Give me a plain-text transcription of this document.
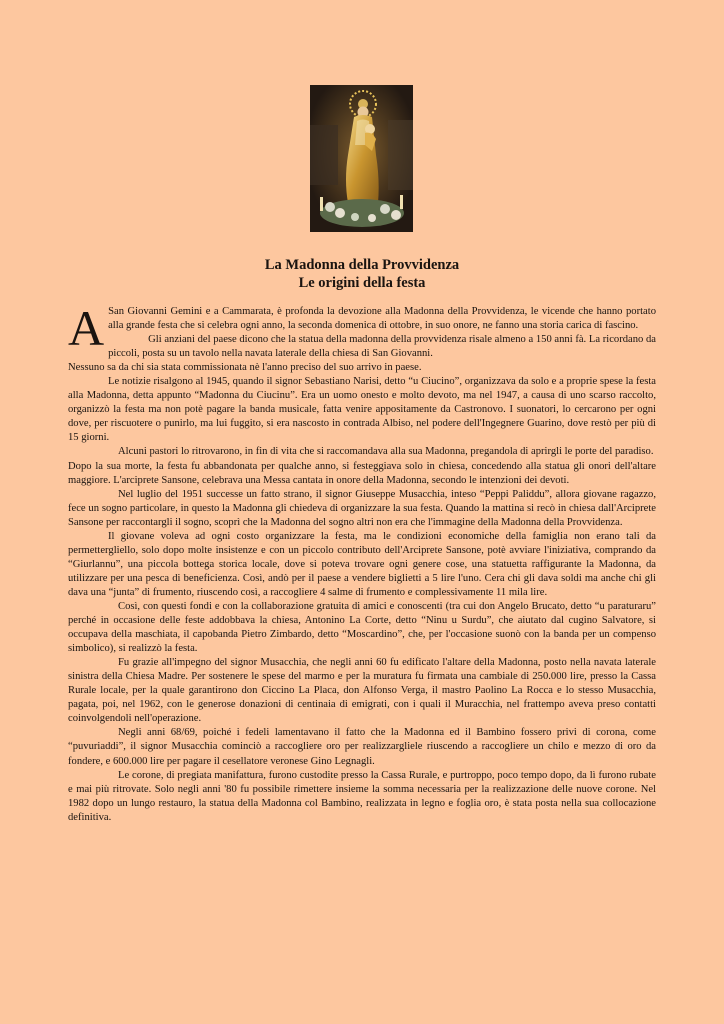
La Madonna della Provvidenza
Le origini della festa

A San Giovanni Gemini e a Cammarata, è profonda la devozione alla Madonna della Provvidenza, le vicende che hanno portato alla grande festa che si celebra ogni anno, la seconda domenica di ottobre, in suo onore, ne fanno una storia carica di fascino.

Gli anziani del paese dicono che la statua della madonna della provvidenza risale almeno a 150 anni fà. La ricordano da piccoli, posta su un tavolo nella navata laterale della chiesa di San Giovanni.

Nessuno sa da chi sia stata commissionata nè l'anno preciso del suo arrivo in paese.

Le notizie risalgono al 1945, quando il signor Sebastiano Narisi, detto “u Ciucino”, organizzava da solo e a proprie spese la festa alla Madonna, detta appunto “Madonna du Ciucinu”. Era un uomo onesto e molto devoto, ma nel 1947, a causa di uno scarso raccolto, organizzò la festa ma non potè pagare la banda musicale, fatta venire appositamente da Castronovo. I suonatori, lo cercarono per ogni dove, per riscuotere o punirlo, ma lui fuggito, si era nascosto in contrada Albiso, nel podere dell'Ingegnere Guarino, dove restò per più di 15 giorni.

Alcuni pastori lo ritrovarono, in fin di vita che si raccomandava alla sua Madonna, pregandola di aprirgli le porte del paradiso.

Dopo la sua morte, la festa fu abbandonata per qualche anno, si festeggiava solo in chiesa, concedendo alla statua gli onori dell'altare maggiore. L'arciprete Sansone, celebrava una Messa cantata in onore della Madonna, secondo le intenzioni dei devoti.

Nel luglio del 1951 successe un fatto strano, il signor Giuseppe Musacchia, inteso “Peppi Paliddu”, allora giovane ragazzo, fece un sogno particolare, in questo la Madonna gli chiedeva di organizzare la sua festa. Quando la mattina si recò in chiesa dall'Arciprete Sansone per raccontargli il sogno, scoprì che la Madonna del sogno altri non era che l'immagine della Madonna della Provvidenza.

Il giovane voleva ad ogni costo organizzare la festa, ma le condizioni economiche della famiglia non erano tali da permettergliello, solo dopo molte insistenze e con un piccolo contributo dell'Arciprete Sansone, potè avviare l'iniziativa, comprando da “Giurlannu”, una piccola bottega storica locale, dove si poteva trovare ogni genere cose, una statuetta raffigurante la Madonna, da utilizzare per una pesca di beneficienza. Così, andò per il paese a vendere biglietti a 5 lire l'uno. Cera chi gli dava soldi ma anche chi gli dava una “junta” di frumento, riuscendo così, a raccogliere 4 salme di frumento e complessivamente 11 mila lire.

Così, con questi fondi e con la collaborazione gratuita di amici e conoscenti (tra cui don Angelo Brucato, detto “u paraturaru” perché in occasione delle feste addobbava la chiesa, Antonino La Corte, detto “Ninu u Surdu”, che aiutato dal cugino Salvatore, si occupava della maschiata, il capobanda Pietro Zimbardo, detto “Moscardino”, che, per l'occasione suonò con la banda per un compenso simbolico), si realizzò la festa.

Fu grazie all'impegno del signor Musacchia, che negli anni 60 fu edificato l'altare della Madonna, posto nella navata laterale sinistra della Chiesa Madre. Per sostenere le spese del marmo e per la muratura fu firmata una cambiale di 250.000 lire, presso la Cassa Rurale locale, per la quale garantirono don Ciccino La Placa, don Alfonso Verga, il mastro Paolino La Rocca e lo stesso Musacchia, pagata, poi, nel 1962, con le generose donazioni di centinaia di emigrati, con i quali il Muracchia, nel frattempo aveva preso contatti coinvolgendoli nell'operazione.

Negli anni 68/69, poiché i fedeli lamentavano il fatto che la Madonna ed il Bambino fossero privi di corona, come “puvuriaddi”, il signor Musacchia cominciò a raccogliere oro per realizzargliele riuscendo a raccogliere un chilo e mezzo di oro da fondere, e 600.000 lire per pagare il cesellatore veronese Gino Legnagli.

Le corone, di pregiata manifattura, furono custodite presso la Cassa Rurale, e purtroppo, poco tempo dopo, da lì furono rubate e mai più ritrovate. Solo negli anni '80 fu possibile rimettere insieme la somma necessaria per la realizzazione delle nuove corone. Nel 1982 dopo un lungo restauro, la statua della Madonna col Bambino, realizzata in legno e foglia oro, è stata posta nella sua collocazione definitiva.
